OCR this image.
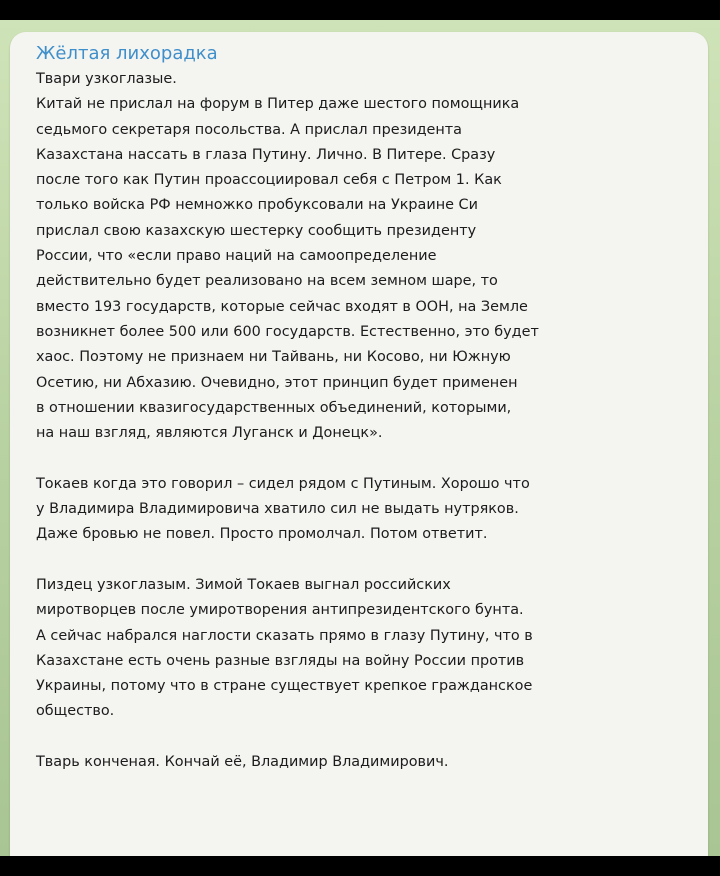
Жёлтая лихорадка
Твари узкоглазые.
Китай не прислал на форум в Питер даже шестого помощника
седьмого секретаря посольства. А прислал президента
Казахстана нассать в глаза Путину. Лично. В Питере. Сразу
после того как Путин проассоциировал себя с Петром 1. Как
только войска РФ немножко пробуксовали на Украине Си
прислал свою казахскую шестерку сообщить президенту
России, что «если право наций на самоопределение
действительно будет реализовано на всем земном шаре, то
вместо 193 государств, которые сейчас входят в ООН, на Земле
возникнет более 500 или 600 государств. Естественно, это будет
хаос. Поэтому не признаем ни Тайвань, ни Косово, ни Южную
Осетию, ни Абхазию. Очевидно, этот принцип будет применен
в отношении квазигосударственных объединений, которыми,
на наш взгляд, являются Луганск и Донецк».
Токаев когда это говорил – сидел рядом с Путиным. Хорошо что
у Владимира Владимировича хватило сил не выдать нутряков.
Даже бровью не повел. Просто промолчал. Потом ответит.
Пиздец узкоглазым. Зимой Токаев выгнал российских
миротворцев после умиротворения антипрезидентского бунта.
А сейчас набрался наглости сказать прямо в глазу Путину, что в
Казахстане есть очень разные взгляды на войну России против
Украины, потому что в стране существует крепкое гражданское
общество.
Тварь конченая. Кончай её, Владимир Владимирович.
